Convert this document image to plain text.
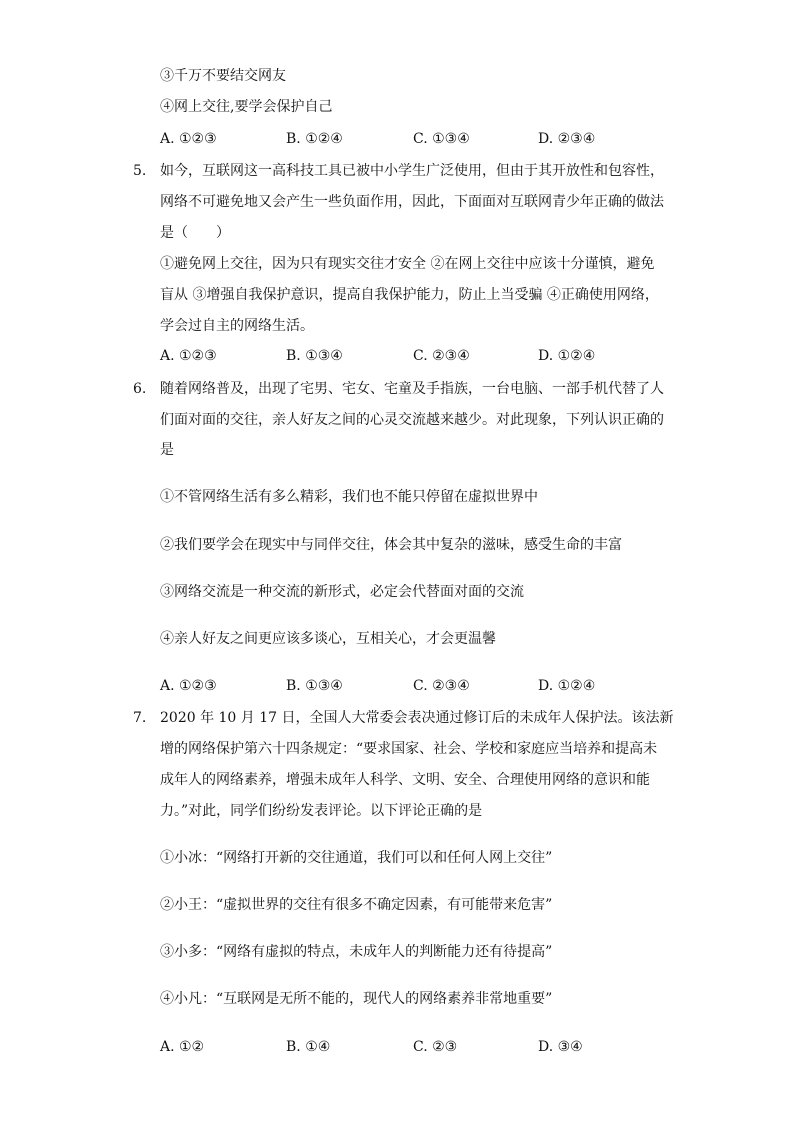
③千万不要结交网友
④网上交往,要学会保护自己
A. ①②③	B. ①②④	C. ①③④	D. ②③④
5. 如今，互联网这一高科技工具已被中小学生广泛使用，但由于其开放性和包容性，
网络不可避免地又会产生一些负面作用，因此，下面面对互联网青少年正确的做法
是（　　）
①避免网上交往，因为只有现实交往才安全 ②在网上交往中应该十分谨慎，避免
盲从 ③增强自我保护意识，提高自我保护能力，防止上当受骗 ④正确使用网络，
学会过自主的网络生活。
A. ①②③	B. ①③④	C. ②③④	D. ①②④
6. 随着网络普及，出现了宅男、宅女、宅童及手指族，一台电脑、一部手机代替了人
们面对面的交往，亲人好友之间的心灵交流越来越少。对此现象，下列认识正确的
是
①不管网络生活有多么精彩，我们也不能只停留在虚拟世界中
②我们要学会在现实中与同伴交往，体会其中复杂的滋味，感受生命的丰富
③网络交流是一种交流的新形式，必定会代替面对面的交流
④亲人好友之间更应该多谈心，互相关心，才会更温馨
A. ①②③	B. ①③④	C. ②③④	D. ①②④
7. 2020 年 10 月 17 日，全国人大常委会表决通过修订后的未成年人保护法。该法新
增的网络保护第六十四条规定：“要求国家、社会、学校和家庭应当培养和提高未
成年人的网络素养，增强未成年人科学、文明、安全、合理使用网络的意识和能
力。”对此，同学们纷纷发表评论。以下评论正确的是
①小冰：“网络打开新的交往通道，我们可以和任何人网上交往”
②小王：“虚拟世界的交往有很多不确定因素，有可能带来危害”
③小多：“网络有虚拟的特点，未成年人的判断能力还有待提高”
④小凡：“互联网是无所不能的，现代人的网络素养非常地重要”
A. ①②	B. ①④	C. ②③	D. ③④
